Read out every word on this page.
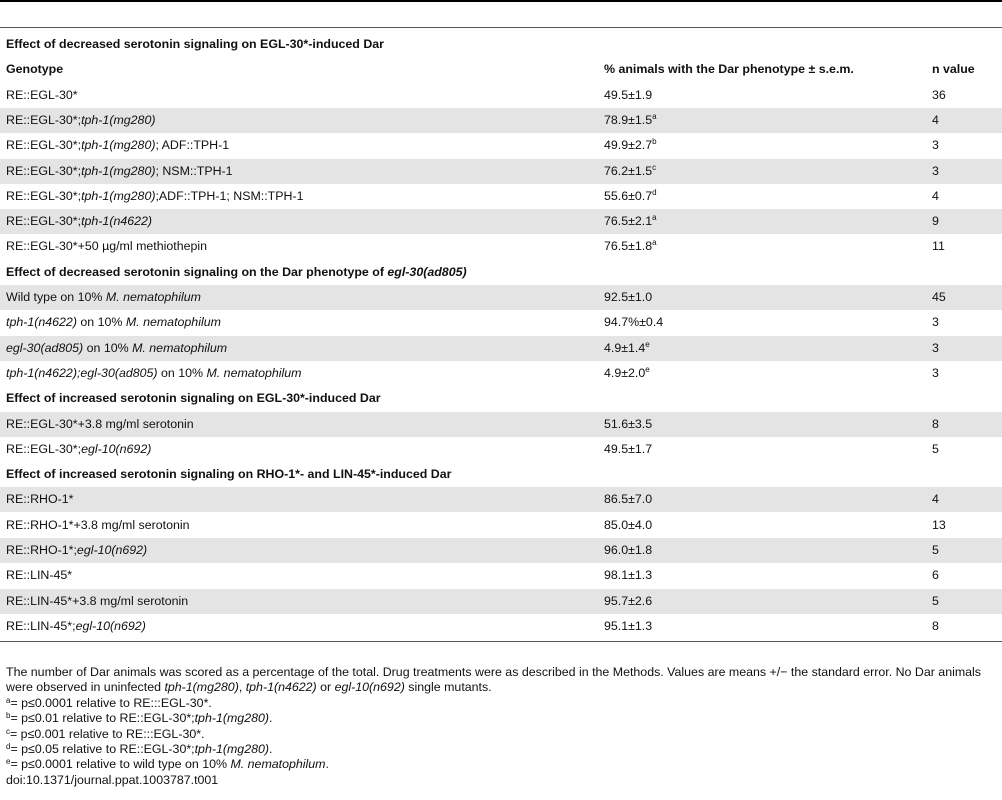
Effect of decreased serotonin signaling on EGL-30*-induced Dar
Genotype	% animals with the Dar phenotype ± s.e.m.	n value
RE::EGL-30*	49.5±1.9	36
RE::EGL-30*;tph-1(mg280)	78.9±1.5$^a$	4
RE::EGL-30*;tph-1(mg280); ADF::TPH-1	49.9±2.7$^b$	3
RE::EGL-30*;tph-1(mg280); NSM::TPH-1	76.2±1.5$^c$	3
RE::EGL-30*;tph-1(mg280);ADF::TPH-1; NSM::TPH-1	55.6±0.7$^d$	4
RE::EGL-30*;tph-1(n4622)	76.5±2.1$^a$	9
RE::EGL-30*+50 µg/ml methiothepin	76.5±1.8$^a$	11
Effect of decreased serotonin signaling on the Dar phenotype of egl-30(ad805)
Wild type on 10% M. nematophilum	92.5±1.0	45
tph-1(n4622) on 10% M. nematophilum	94.7%±0.4	3
egl-30(ad805) on 10% M. nematophilum	4.9±1.4$^e$	3
tph-1(n4622);egl-30(ad805) on 10% M. nematophilum	4.9±2.0$^e$	3
Effect of increased serotonin signaling on EGL-30*-induced Dar
RE::EGL-30*+3.8 mg/ml serotonin	51.6±3.5	8
RE::EGL-30*;egl-10(n692)	49.5±1.7	5
Effect of increased serotonin signaling on RHO-1*- and LIN-45*-induced Dar
RE::RHO-1*	86.5±7.0	4
RE::RHO-1*+3.8 mg/ml serotonin	85.0±4.0	13
RE::RHO-1*;egl-10(n692)	96.0±1.8	5
RE::LIN-45*	98.1±1.3	6
RE::LIN-45*+3.8 mg/ml serotonin	95.7±2.6	5
RE::LIN-45*;egl-10(n692)	95.1±1.3	8
The number of Dar animals was scored as a percentage of the total. Drug treatments were as described in the Methods. Values are means +/− the standard error. No Dar animals were observed in uninfected tph-1(mg280), tph-1(n4622) or egl-10(n692) single mutants.
$^a$= p≤0.0001 relative to RE:::EGL-30*.
$^b$= p≤0.01 relative to RE::EGL-30*;tph-1(mg280).
$^c$= p≤0.001 relative to RE:::EGL-30*.
$^d$= p≤0.05 relative to RE::EGL-30*;tph-1(mg280).
$^e$= p≤0.0001 relative to wild type on 10% M. nematophilum.
doi:10.1371/journal.ppat.1003787.t001
